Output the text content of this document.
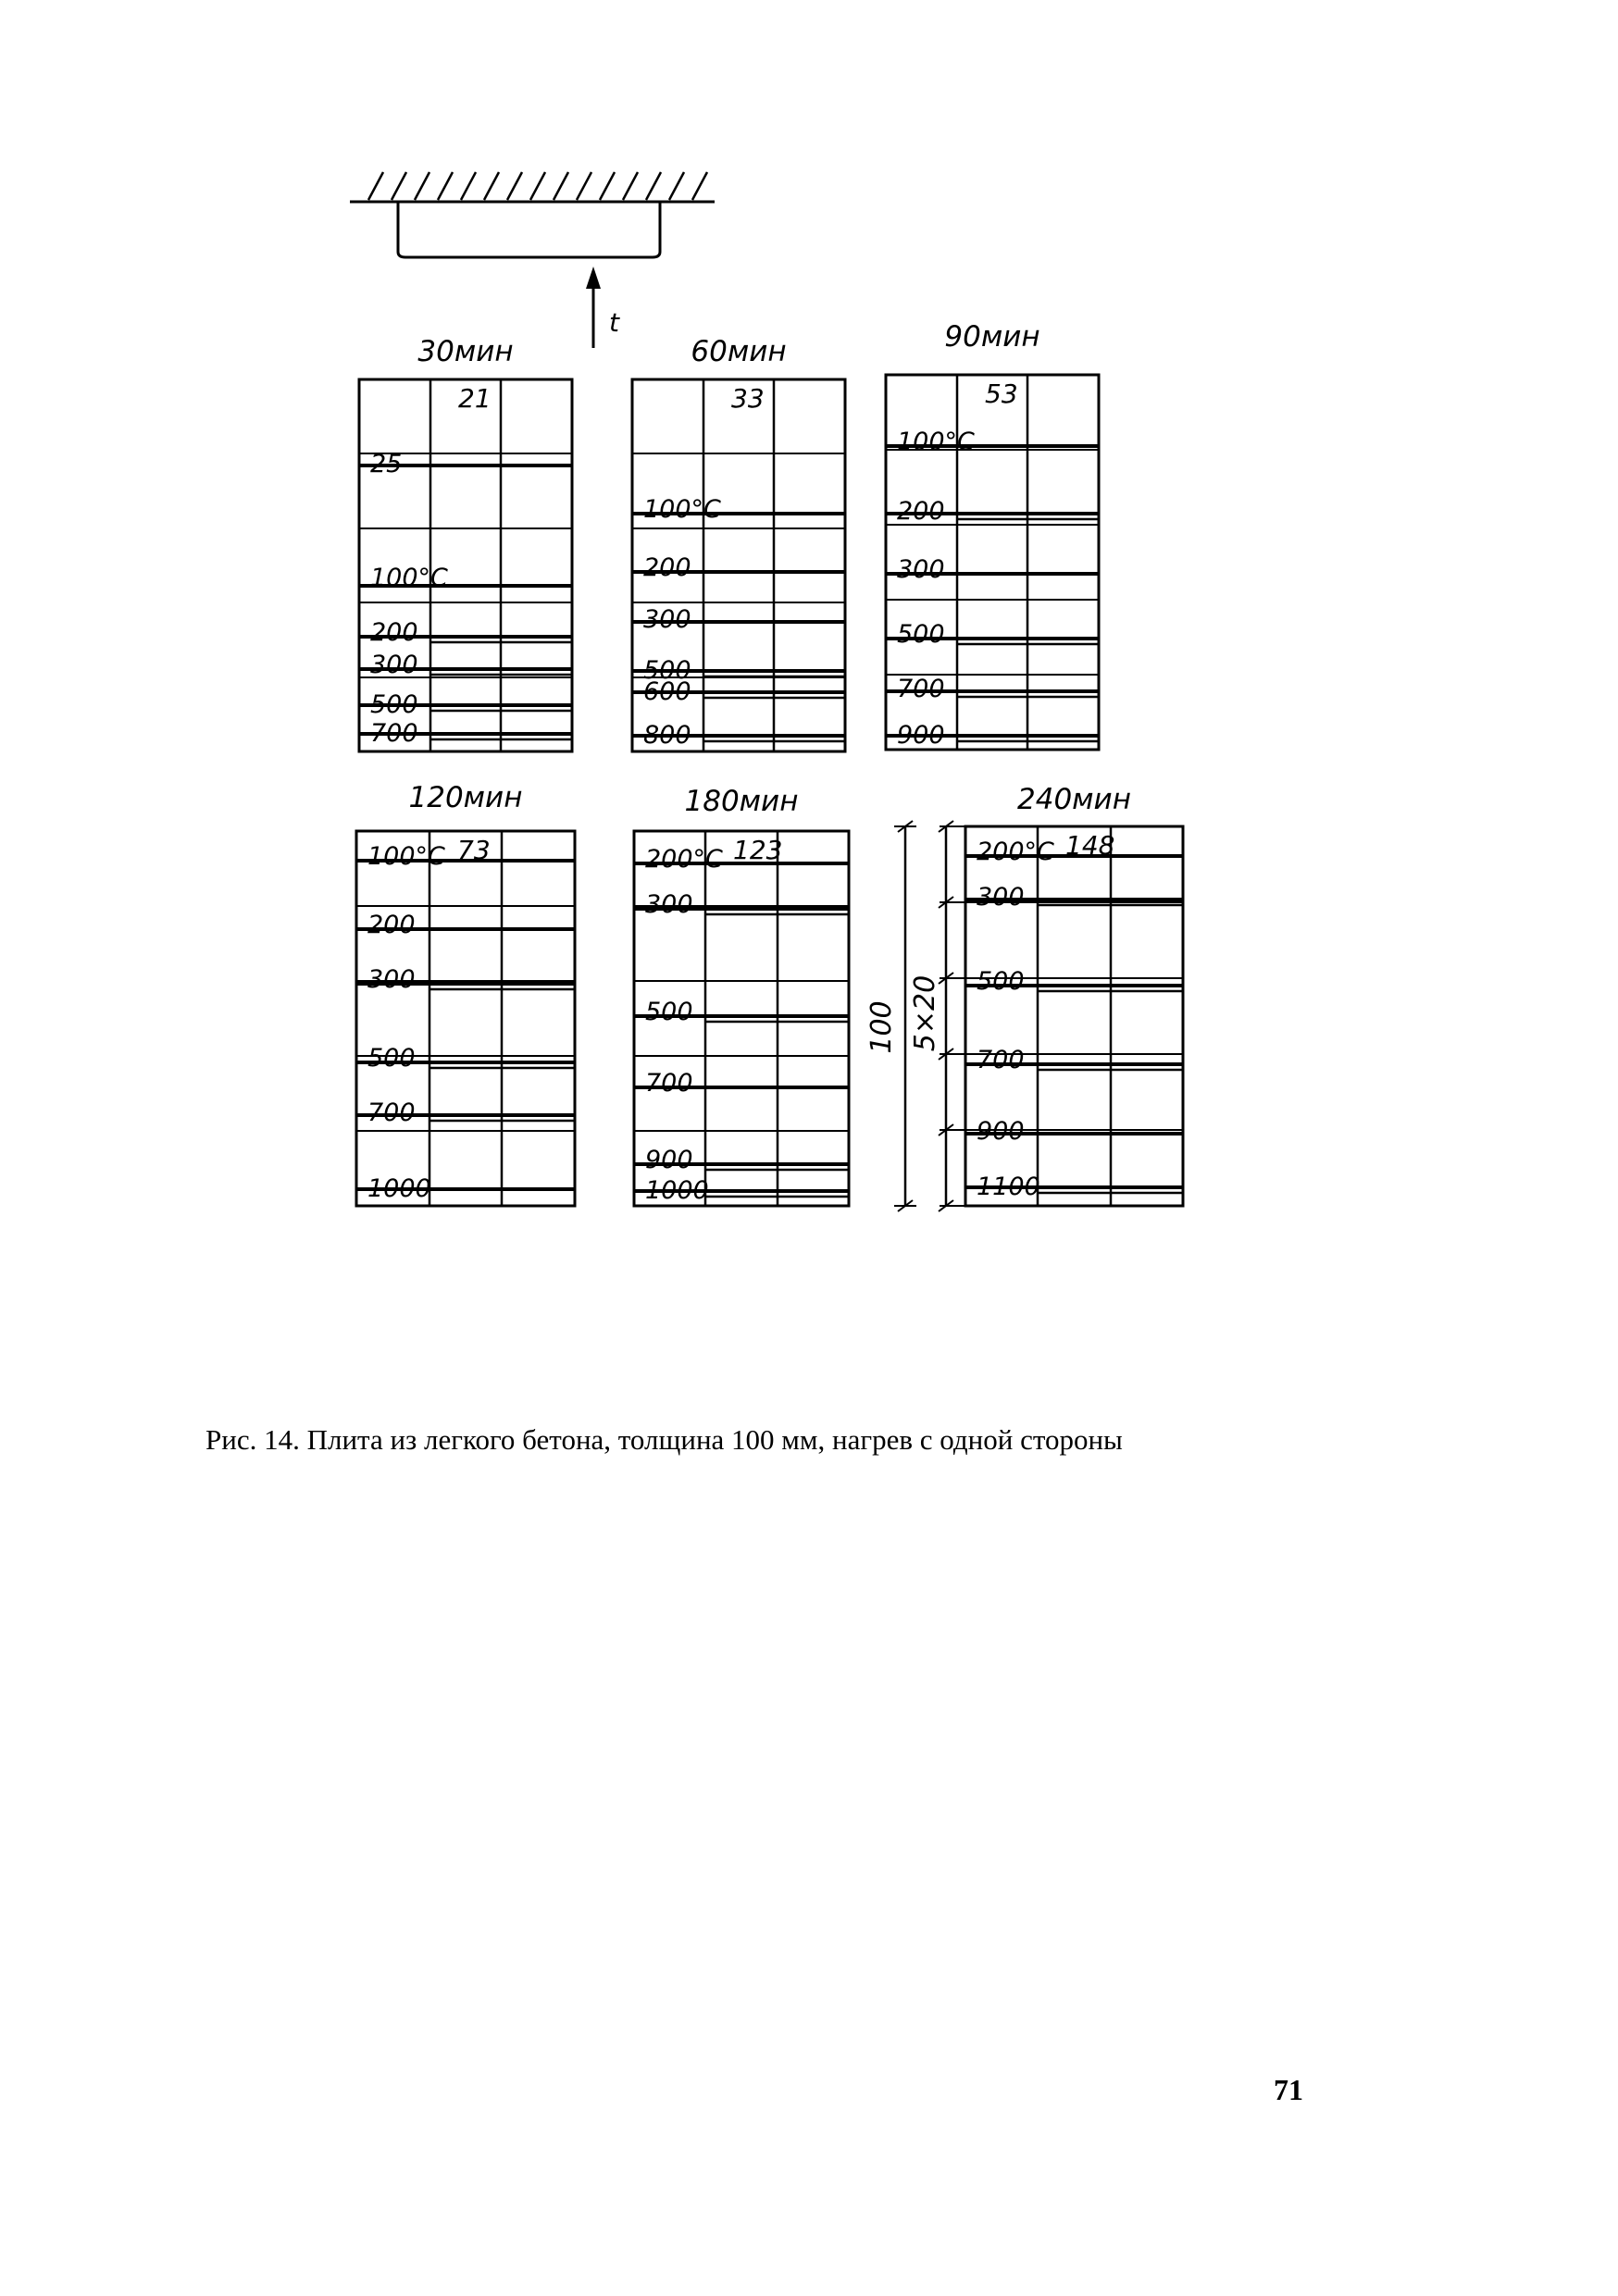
t
30мин
21
25
100°C
200
300
500
700
60мин
33
100°C
200
300
500
600
800
90мин
53
100°C
200
300
500
700
900
120мин
73
100°C
200
300
500
700
1000
180мин
123
200°C
300
500
700
900
1000
240мин
148
200°C
300
500
700
900
1100
100 5×20
Рис. 14. Плита из легкого бетона, толщина 100 мм, нагрев с одной стороны
71
